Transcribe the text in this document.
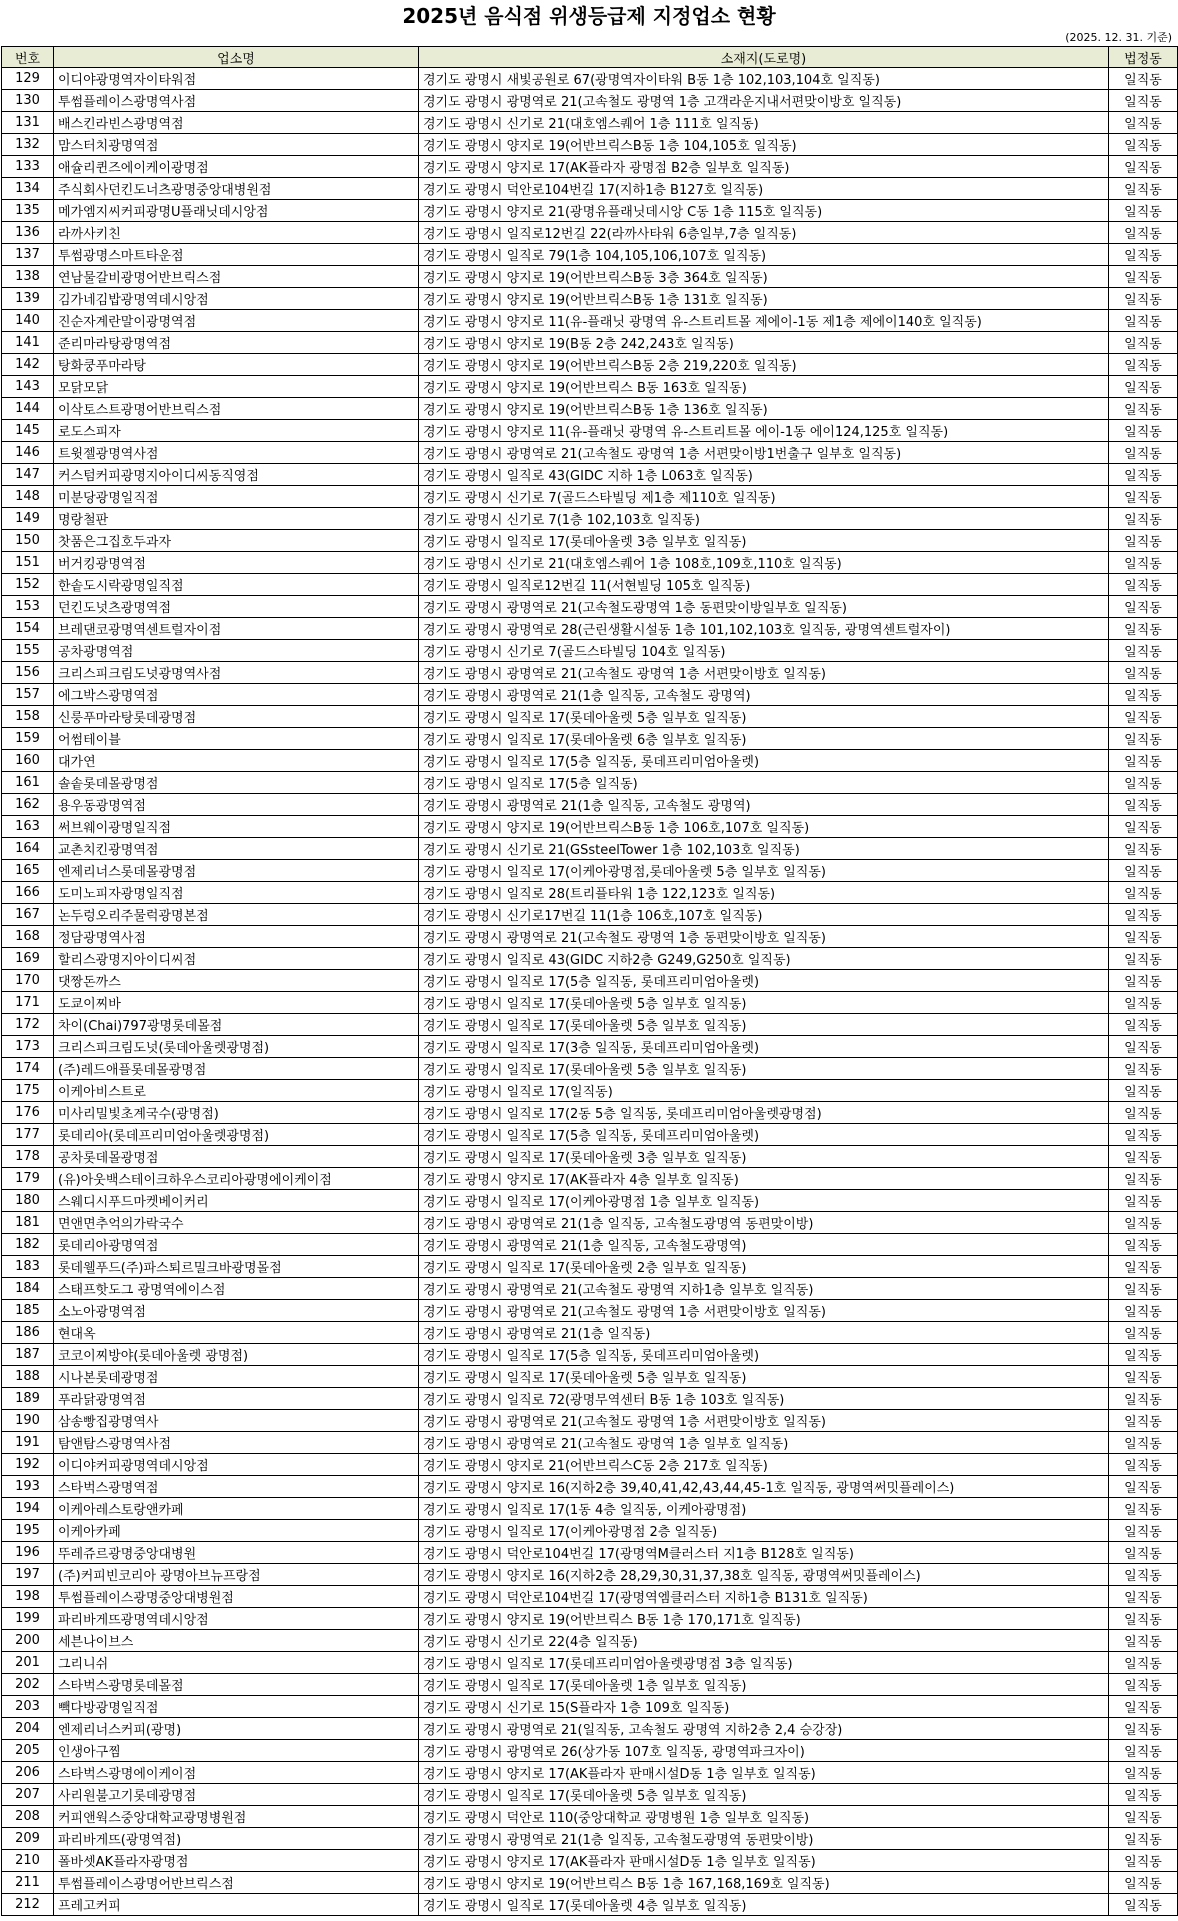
2025년 음식점 위생등급제 지정업소 현황
(2025. 12. 31. 기준)
번호	업소명	소재지(도로명)	법정동
129	이디야광명역자이타워점	경기도 광명시 새빛공원로 67(광명역자이타워 B동 1층 102,103,104호 일직동)	일직동
130	투썸플레이스광명역사점	경기도 광명시 광명역로 21(고속철도 광명역 1층 고객라운지내서편맞이방호 일직동)	일직동
131	배스킨라빈스광명역점	경기도 광명시 신기로 21(대호엠스퀘어 1층 111호 일직동)	일직동
132	맘스터치광명역점	경기도 광명시 양지로 19(어반브릭스B동 1층 104,105호 일직동)	일직동
133	애슐리퀸즈에이케이광명점	경기도 광명시 양지로 17(AK플라자 광명점 B2층 일부호 일직동)	일직동
134	주식회사던킨도너츠광명중앙대병원점	경기도 광명시 덕안로104번길 17(지하1층 B127호 일직동)	일직동
135	메가엠지씨커피광명U플래닛데시앙점	경기도 광명시 양지로 21(광명유플래닛데시앙 C동 1층 115호 일직동)	일직동
136	라까사키친	경기도 광명시 일직로12번길 22(라까사타워 6층일부,7층 일직동)	일직동
137	투썸광명스마트타운점	경기도 광명시 일직로 79(1층 104,105,106,107호 일직동)	일직동
138	연남물갈비광명어반브릭스점	경기도 광명시 양지로 19(어반브릭스B동 3층 364호 일직동)	일직동
139	김가네김밥광명역데시앙점	경기도 광명시 양지로 19(어반브릭스B동 1층 131호 일직동)	일직동
140	진순자계란말이광명역점	경기도 광명시 양지로 11(유-플래닛 광명역 유-스트리트몰 제에이-1동 제1층 제에이140호 일직동)	일직동
141	준리마라탕광명역점	경기도 광명시 양지로 19(B동 2층 242,243호 일직동)	일직동
142	탕화쿵푸마라탕	경기도 광명시 양지로 19(어반브릭스B동 2층 219,220호 일직동)	일직동
143	모닭모닭	경기도 광명시 양지로 19(어반브릭스 B동 163호 일직동)	일직동
144	이삭토스트광명어반브릭스점	경기도 광명시 양지로 19(어반브릭스B동 1층 136호 일직동)	일직동
145	로도스피자	경기도 광명시 양지로 11(유-플래닛 광명역 유-스트리트몰 에이-1동 에이124,125호 일직동)	일직동
146	트윗젤광명역사점	경기도 광명시 광명역로 21(고속철도 광명역 1층 서편맞이방1번출구 일부호 일직동)	일직동
147	커스텀커피광명지아이디씨동직영점	경기도 광명시 일직로 43(GIDC 지하 1층 L063호 일직동)	일직동
148	미분당광명일직점	경기도 광명시 신기로 7(골드스타빌딩 제1층 제110호 일직동)	일직동
149	명랑철판	경기도 광명시 신기로 7(1층 102,103호 일직동)	일직동
150	찻품은그집호두과자	경기도 광명시 일직로 17(롯데아울렛 3층 일부호 일직동)	일직동
151	버거킹광명역점	경기도 광명시 신기로 21(대호엠스퀘어 1층 108호,109호,110호 일직동)	일직동
152	한솥도시락광명일직점	경기도 광명시 일직로12번길 11(서현빌딩 105호 일직동)	일직동
153	던킨도넛츠광명역점	경기도 광명시 광명역로 21(고속철도광명역 1층 동편맞이방일부호 일직동)	일직동
154	브레댄코광명역센트럴자이점	경기도 광명시 광명역로 28(근린생활시설동 1층 101,102,103호 일직동, 광명역센트럴자이)	일직동
155	공차광명역점	경기도 광명시 신기로 7(골드스타빌딩 104호 일직동)	일직동
156	크리스피크림도넛광명역사점	경기도 광명시 광명역로 21(고속철도 광명역 1층 서편맞이방호 일직동)	일직동
157	에그박스광명역점	경기도 광명시 광명역로 21(1층 일직동, 고속철도 광명역)	일직동
158	신룽푸마라탕롯데광명점	경기도 광명시 일직로 17(롯데아울렛 5층 일부호 일직동)	일직동
159	어썸테이블	경기도 광명시 일직로 17(롯데아울렛 6층 일부호 일직동)	일직동
160	대가연	경기도 광명시 일직로 17(5층 일직동, 롯데프리미엄아울렛)	일직동
161	솔솥롯데몰광명점	경기도 광명시 일직로 17(5층 일직동)	일직동
162	용우동광명역점	경기도 광명시 광명역로 21(1층 일직동, 고속철도 광명역)	일직동
163	써브웨이광명일직점	경기도 광명시 양지로 19(어반브릭스B동 1층 106호,107호 일직동)	일직동
164	교촌치킨광명역점	경기도 광명시 신기로 21(GSsteelTower 1층 102,103호 일직동)	일직동
165	엔제리너스롯데몰광명점	경기도 광명시 일직로 17(이케아광명점,롯데아울렛 5층 일부호 일직동)	일직동
166	도미노피자광명일직점	경기도 광명시 일직로 28(트리플타워 1층 122,123호 일직동)	일직동
167	논두렁오리주물럭광명본점	경기도 광명시 신기로17번길 11(1층 106호,107호 일직동)	일직동
168	정담광명역사점	경기도 광명시 광명역로 21(고속철도 광명역 1층 동편맞이방호 일직동)	일직동
169	할리스광명지아이디씨점	경기도 광명시 일직로 43(GIDC 지하2층 G249,G250호 일직동)	일직동
170	댓짱돈까스	경기도 광명시 일직로 17(5층 일직동, 롯데프리미엄아울렛)	일직동
171	도쿄이찌바	경기도 광명시 일직로 17(롯데아울렛 5층 일부호 일직동)	일직동
172	차이(Chai)797광명롯데몰점	경기도 광명시 일직로 17(롯데아울렛 5층 일부호 일직동)	일직동
173	크리스피크림도넛(롯데아울렛광명점)	경기도 광명시 일직로 17(3층 일직동, 롯데프리미엄아울렛)	일직동
174	(주)레드애플롯데몰광명점	경기도 광명시 일직로 17(롯데아울렛 5층 일부호 일직동)	일직동
175	이케아비스트로	경기도 광명시 일직로 17(일직동)	일직동
176	미사리밀빛초계국수(광명점)	경기도 광명시 일직로 17(2동 5층 일직동, 롯데프리미엄아울렛광명점)	일직동
177	롯데리아(롯데프리미엄아울렛광명점)	경기도 광명시 일직로 17(5층 일직동, 롯데프리미엄아울렛)	일직동
178	공차롯데몰광명점	경기도 광명시 일직로 17(롯데아울렛 3층 일부호 일직동)	일직동
179	(유)아웃백스테이크하우스코리아광명에이케이점	경기도 광명시 양지로 17(AK플라자 4층 일부호 일직동)	일직동
180	스웨디시푸드마켓베이커리	경기도 광명시 일직로 17(이케아광명점 1층 일부호 일직동)	일직동
181	면앤면추억의가락국수	경기도 광명시 광명역로 21(1층 일직동, 고속철도광명역 동편맞이방)	일직동
182	롯데리아광명역점	경기도 광명시 광명역로 21(1층 일직동, 고속철도광명역)	일직동
183	롯데웰푸드(주)파스퇴르밀크바광명몰점	경기도 광명시 일직로 17(롯데아울렛 2층 일부호 일직동)	일직동
184	스태프핫도그 광명역에이스점	경기도 광명시 광명역로 21(고속철도 광명역 지하1층 일부호 일직동)	일직동
185	소노아광명역점	경기도 광명시 광명역로 21(고속철도 광명역 1층 서편맞이방호 일직동)	일직동
186	현대옥	경기도 광명시 광명역로 21(1층 일직동)	일직동
187	코코이찌방야(롯데아울렛 광명점)	경기도 광명시 일직로 17(5층 일직동, 롯데프리미엄아울렛)	일직동
188	시나본롯데광명점	경기도 광명시 일직로 17(롯데아울렛 5층 일부호 일직동)	일직동
189	푸라닭광명역점	경기도 광명시 일직로 72(광명무역센터 B동 1층 103호 일직동)	일직동
190	삼송빵집광명역사	경기도 광명시 광명역로 21(고속철도 광명역 1층 서편맞이방호 일직동)	일직동
191	탐앤탐스광명역사점	경기도 광명시 광명역로 21(고속철도 광명역 1층 일부호 일직동)	일직동
192	이디야커피광명역데시앙점	경기도 광명시 양지로 21(어반브릭스C동 2층 217호 일직동)	일직동
193	스타벅스광명역점	경기도 광명시 양지로 16(지하2층 39,40,41,42,43,44,45-1호 일직동, 광명역써밋플레이스)	일직동
194	이케아레스토랑앤카페	경기도 광명시 일직로 17(1동 4층 일직동, 이케아광명점)	일직동
195	이케아카페	경기도 광명시 일직로 17(이케아광명점 2층 일직동)	일직동
196	뚜레쥬르광명중앙대병원	경기도 광명시 덕안로104번길 17(광명역M클러스터 지1층 B128호 일직동)	일직동
197	(주)커피빈코리아 광명아브뉴프랑점	경기도 광명시 양지로 16(지하2층 28,29,30,31,37,38호 일직동, 광명역써밋플레이스)	일직동
198	투썸플레이스광명중앙대병원점	경기도 광명시 덕안로104번길 17(광명역엠클러스터 지하1층 B131호 일직동)	일직동
199	파리바게뜨광명역데시앙점	경기도 광명시 양지로 19(어반브릭스 B동 1층 170,171호 일직동)	일직동
200	세븐나이브스	경기도 광명시 신기로 22(4층 일직동)	일직동
201	그리니쉬	경기도 광명시 일직로 17(롯데프리미엄아울렛광명점 3층 일직동)	일직동
202	스타벅스광명롯데몰점	경기도 광명시 일직로 17(롯데아울렛 1층 일부호 일직동)	일직동
203	빽다방광명일직점	경기도 광명시 신기로 15(S플라자 1층 109호 일직동)	일직동
204	엔제리너스커피(광명)	경기도 광명시 광명역로 21(일직동, 고속철도 광명역 지하2층 2,4 승강장)	일직동
205	인생아구찜	경기도 광명시 광명역로 26(상가동 107호 일직동, 광명역파크자이)	일직동
206	스타벅스광명에이케이점	경기도 광명시 양지로 17(AK플라자 판매시설D동 1층 일부호 일직동)	일직동
207	사리원불고기롯데광명점	경기도 광명시 일직로 17(롯데아울렛 5층 일부호 일직동)	일직동
208	커피앤웍스중앙대학교광명병원점	경기도 광명시 덕안로 110(중앙대학교 광명병원 1층 일부호 일직동)	일직동
209	파리바게뜨(광명역점)	경기도 광명시 광명역로 21(1층 일직동, 고속철도광명역 동편맞이방)	일직동
210	폴바셋AK플라자광명점	경기도 광명시 양지로 17(AK플라자 판매시설D동 1층 일부호 일직동)	일직동
211	투썸플레이스광명어반브릭스점	경기도 광명시 양지로 19(어반브릭스 B동 1층 167,168,169호 일직동)	일직동
212	프레고커피	경기도 광명시 일직로 17(롯데아울렛 4층 일부호 일직동)	일직동
